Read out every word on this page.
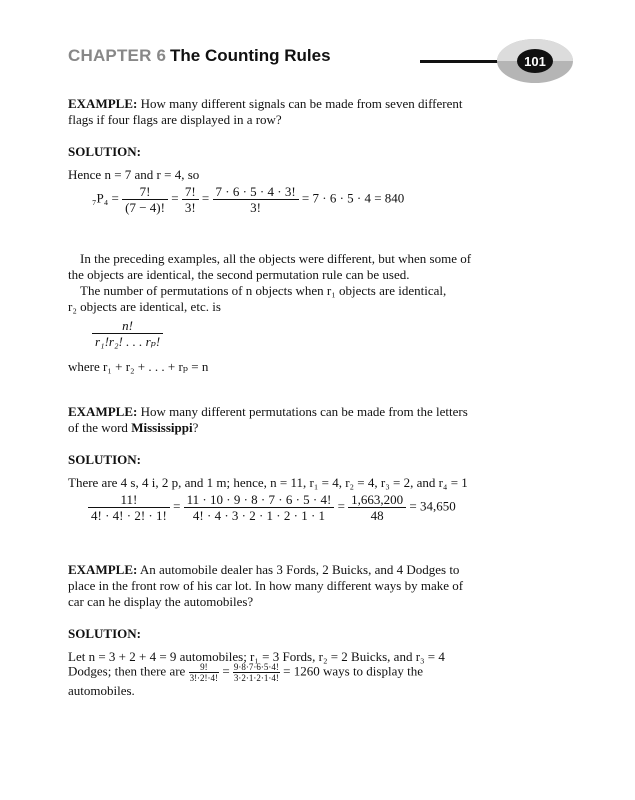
CHAPTER 6 The Counting Rules	101
EXAMPLE: How many different signals can be made from seven different
flags if four flags are displayed in a row?
SOLUTION:
Hence n = 7 and r = 4, so
$_7P_4 = \frac{7!}{(7 - 4)!} = \frac{7!}{3!} = \frac{7 \cdot 6 \cdot 5 \cdot 4 \cdot 3!}{3!} = 7 \cdot 6 \cdot 5 \cdot 4 = 840$
In the preceding examples, all the objects were different, but when some of
the objects are identical, the second permutation rule can be used.
The number of permutations of n objects when r₁ objects are identical,
r₂ objects are identical, etc. is
$\frac{n!}{\text{r₁!r₂! . . . rₚ!}}$
where r₁ + r₂ + . . . + rₚ = n
EXAMPLE: How many different permutations can be made from the letters
of the word Mississippi?
SOLUTION:
There are 4 s, 4 i, 2 p, and 1 m; hence, n = 11, r₁ = 4, r₂ = 4, r₃ = 2, and r₄ = 1
$\frac{11!}{4! \cdot 4! \cdot 2! \cdot 1!} = \frac{11 \cdot 10 \cdot 9 \cdot 8 \cdot 7 \cdot 6 \cdot 5 \cdot 4!}{4! \cdot 4 \cdot 3 \cdot 2 \cdot 1 \cdot 2 \cdot 1 \cdot 1} = \frac{1,663,200}{48} = 34,650$
EXAMPLE: An automobile dealer has 3 Fords, 2 Buicks, and 4 Dodges to
place in the front row of his car lot. In how many different ways by make of
car can he display the automobiles?
SOLUTION:
Let n = 3 + 2 + 4 = 9 automobiles; r₁ = 3 Fords, r₂ = 2 Buicks, and r₃ = 4
Dodges; then there are $\frac{9!}{3!\cdot 2!\cdot 4!} = \frac{9\cdot 8\cdot 7\cdot 6\cdot 5\cdot 4!}{3\cdot 2\cdot 1\cdot 2\cdot 1\cdot 4!} = 1260$ ways to display the
automobiles.
